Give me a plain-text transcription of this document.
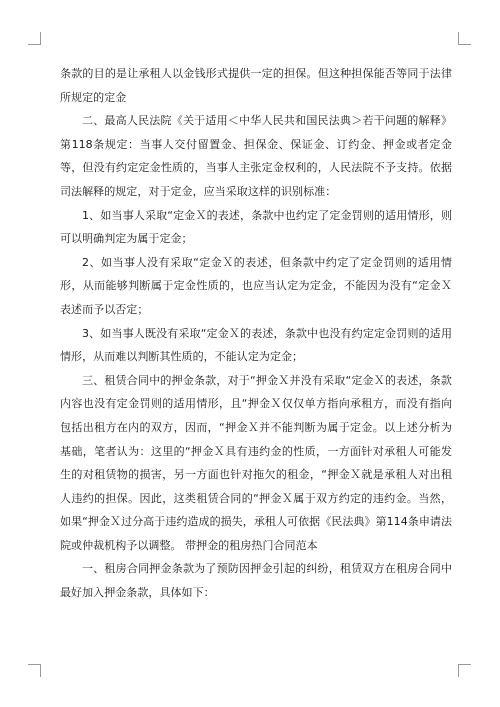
条款的目的是让承租人以金钱形式提供一定的担保。但这种担保能否等同于法律所规定的定金

二、最高人民法院《关于适用＜中华人民共和国民法典＞若干问题的解释》第118条规定：当事人交付留置金、担保金、保证金、订约金、押金或者定金等，但没有约定定金性质的，当事人主张定金权利的，人民法院不予支持。依据司法解释的规定，对于定金，应当采取这样的识别标准：

1、如当事人采取“定金Ｘ的表述，条款中也约定了定金罚则的适用情形，则可以明确判定为属于定金；

2、如当事人没有采取“定金Ｘ的表述，但条款中约定了定金罚则的适用情形，从而能够判断属于定金性质的，也应当认定为定金，不能因为没有“定金Ｘ表述而予以否定；

3、如当事人既没有采取“定金Ｘ的表述，条款中也没有约定定金罚则的适用情形，从而难以判断其性质的，不能认定为定金；

三、租赁合同中的押金条款，对于“押金Ｘ并没有采取“定金Ｘ的表述，条款内容也没有定金罚则的适用情形，且“押金Ｘ仅仅单方指向承租方，而没有指向包括出租方在内的双方，因而，“押金Ｘ并不能判断为属于定金。以上述分析为基础，笔者认为：这里的“押金Ｘ具有违约金的性质，一方面针对承租人可能发生的对租赁物的损害，另一方面也针对拖欠的租金，“押金Ｘ就是承租人对出租人违约的担保。因此，这类租赁合同的“押金Ｘ属于双方约定的违约金。当然，如果“押金Ｘ过分高于违约造成的损失，承租人可依据《民法典》第114条申请法院或仲裁机构予以调整。 带押金的租房热门合同范本

一、租房合同押金条款为了预防因押金引起的纠纷，租赁双方在租房合同中最好加入押金条款，具体如下：
